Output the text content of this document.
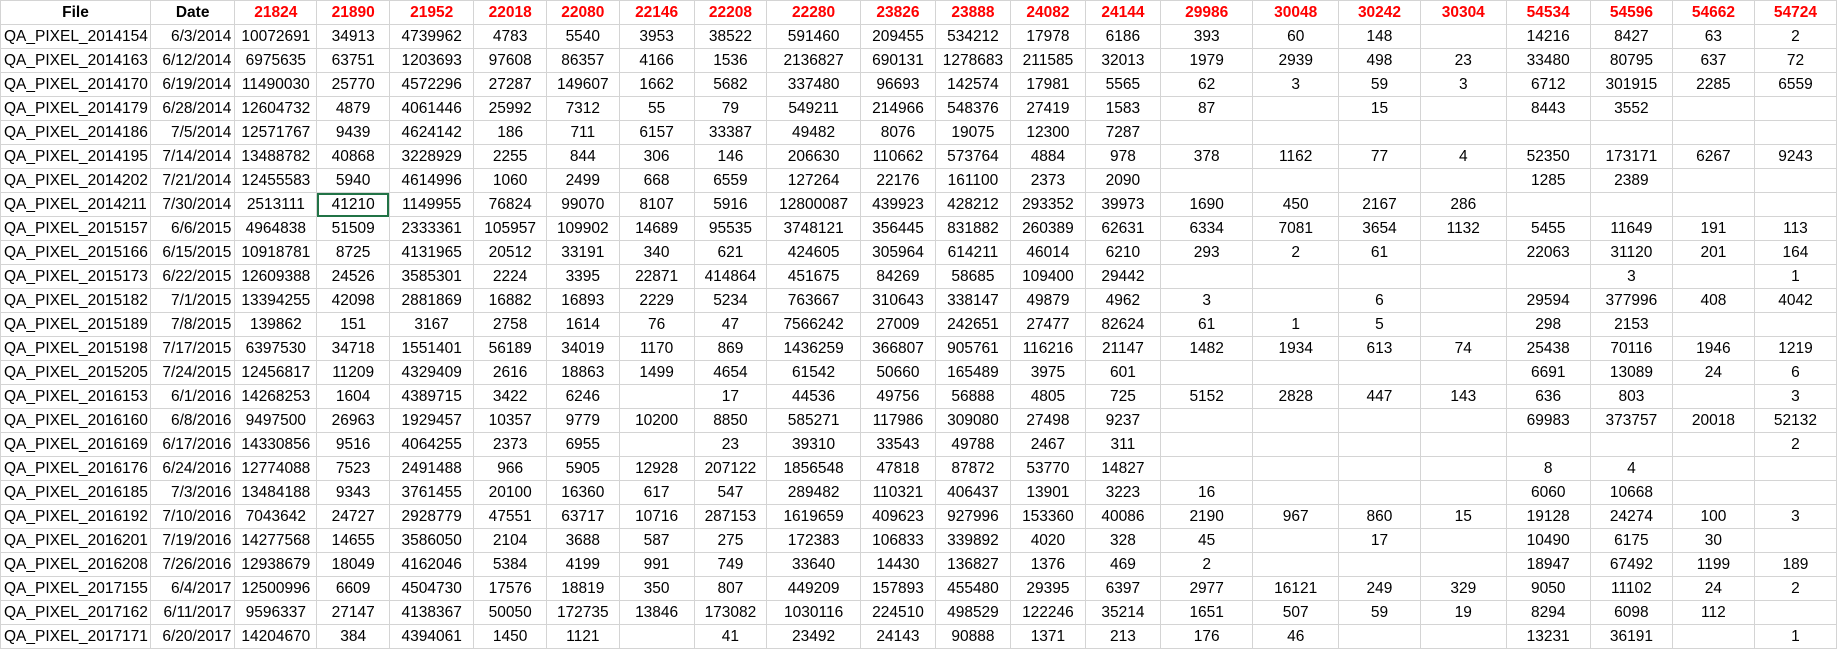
File	Date	21824	21890	21952	22018	22080	22146	22208	22280	23826	23888	24082	24144	29986	30048	30242	30304	54534	54596	54662	54724
QA_PIXEL_2014154	6/3/2014	10072691	34913	4739962	4783	5540	3953	38522	591460	209455	534212	17978	6186	393	60	148		14216	8427	63	2
QA_PIXEL_2014163	6/12/2014	6975635	63751	1203693	97608	86357	4166	1536	2136827	690131	1278683	211585	32013	1979	2939	498	23	33480	80795	637	72
QA_PIXEL_2014170	6/19/2014	11490030	25770	4572296	27287	149607	1662	5682	337480	96693	142574	17981	5565	62	3	59	3	6712	301915	2285	6559
QA_PIXEL_2014179	6/28/2014	12604732	4879	4061446	25992	7312	55	79	549211	214966	548376	27419	1583	87		15		8443	3552		
QA_PIXEL_2014186	7/5/2014	12571767	9439	4624142	186	711	6157	33387	49482	8076	19075	12300	7287								
QA_PIXEL_2014195	7/14/2014	13488782	40868	3228929	2255	844	306	146	206630	110662	573764	4884	978	378	1162	77	4	52350	173171	6267	9243
QA_PIXEL_2014202	7/21/2014	12455583	5940	4614996	1060	2499	668	6559	127264	22176	161100	2373	2090					1285	2389		
QA_PIXEL_2014211	7/30/2014	2513111	41210	1149955	76824	99070	8107	5916	12800087	439923	428212	293352	39973	1690	450	2167	286				
QA_PIXEL_2015157	6/6/2015	4964838	51509	2333361	105957	109902	14689	95535	3748121	356445	831882	260389	62631	6334	7081	3654	1132	5455	11649	191	113
QA_PIXEL_2015166	6/15/2015	10918781	8725	4131965	20512	33191	340	621	424605	305964	614211	46014	6210	293	2	61		22063	31120	201	164
QA_PIXEL_2015173	6/22/2015	12609388	24526	3585301	2224	3395	22871	414864	451675	84269	58685	109400	29442						3		1
QA_PIXEL_2015182	7/1/2015	13394255	42098	2881869	16882	16893	2229	5234	763667	310643	338147	49879	4962	3		6		29594	377996	408	4042
QA_PIXEL_2015189	7/8/2015	139862	151	3167	2758	1614	76	47	7566242	27009	242651	27477	82624	61	1	5		298	2153		
QA_PIXEL_2015198	7/17/2015	6397530	34718	1551401	56189	34019	1170	869	1436259	366807	905761	116216	21147	1482	1934	613	74	25438	70116	1946	1219
QA_PIXEL_2015205	7/24/2015	12456817	11209	4329409	2616	18863	1499	4654	61542	50660	165489	3975	601					6691	13089	24	6
QA_PIXEL_2016153	6/1/2016	14268253	1604	4389715	3422	6246		17	44536	49756	56888	4805	725	5152	2828	447	143	636	803		3
QA_PIXEL_2016160	6/8/2016	9497500	26963	1929457	10357	9779	10200	8850	585271	117986	309080	27498	9237					69983	373757	20018	52132
QA_PIXEL_2016169	6/17/2016	14330856	9516	4064255	2373	6955		23	39310	33543	49788	2467	311								2
QA_PIXEL_2016176	6/24/2016	12774088	7523	2491488	966	5905	12928	207122	1856548	47818	87872	53770	14827					8	4		
QA_PIXEL_2016185	7/3/2016	13484188	9343	3761455	20100	16360	617	547	289482	110321	406437	13901	3223	16				6060	10668		
QA_PIXEL_2016192	7/10/2016	7043642	24727	2928779	47551	63717	10716	287153	1619659	409623	927996	153360	40086	2190	967	860	15	19128	24274	100	3
QA_PIXEL_2016201	7/19/2016	14277568	14655	3586050	2104	3688	587	275	172383	106833	339892	4020	328	45		17		10490	6175	30	
QA_PIXEL_2016208	7/26/2016	12938679	18049	4162046	5384	4199	991	749	33640	14430	136827	1376	469	2				18947	67492	1199	189
QA_PIXEL_2017155	6/4/2017	12500996	6609	4504730	17576	18819	350	807	449209	157893	455480	29395	6397	2977	16121	249	329	9050	11102	24	2
QA_PIXEL_2017162	6/11/2017	9596337	27147	4138367	50050	172735	13846	173082	1030116	224510	498529	122246	35214	1651	507	59	19	8294	6098	112	
QA_PIXEL_2017171	6/20/2017	14204670	384	4394061	1450	1121		41	23492	24143	90888	1371	213	176	46			13231	36191		1
